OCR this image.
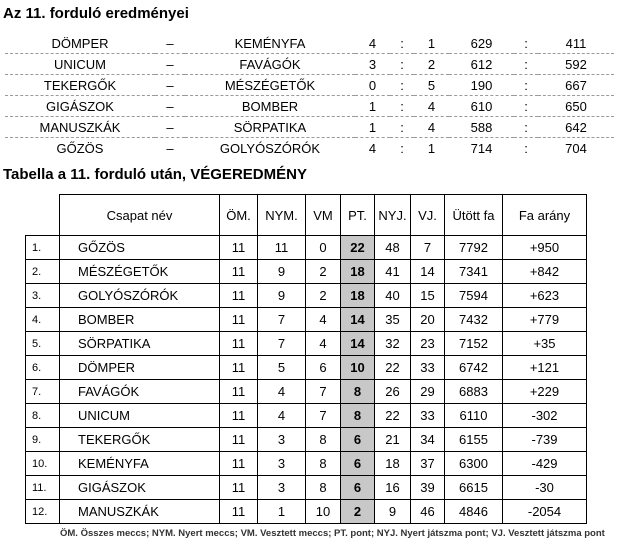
Az 11. forduló eredményei
DÖMPER	–	KEMÉNYFA	4	:	1	629	:	411
UNICUM	–	FAVÁGÓK	3	:	2	612	:	592
TEKERGŐK	–	MÉSZÉGETŐK	0	:	5	190	:	667
GIGÁSZOK	–	BOMBER	1	:	4	610	:	650
MANUSZKÁK	–	SÖRPATIKA	1	:	4	588	:	642
GŐZÖS	–	GOLYÓSZÓRÓK	4	:	1	714	:	704
Tabella a 11. forduló után, VÉGEREDMÉNY
	Csapat név	ÖM.	NYM.	VM	PT.	NYJ.	VJ.	Ütött fa	Fa arány
1.	GŐZÖS	11	11	0	22	48	7	7792	+950
2.	MÉSZÉGETŐK	11	9	2	18	41	14	7341	+842
3.	GOLYÓSZÓRÓK	11	9	2	18	40	15	7594	+623
4.	BOMBER	11	7	4	14	35	20	7432	+779
5.	SÖRPATIKA	11	7	4	14	32	23	7152	+35
6.	DÖMPER	11	5	6	10	22	33	6742	+121
7.	FAVÁGÓK	11	4	7	8	26	29	6883	+229
8.	UNICUM	11	4	7	8	22	33	6110	-302
9.	TEKERGŐK	11	3	8	6	21	34	6155	-739
10.	KEMÉNYFA	11	3	8	6	18	37	6300	-429
11.	GIGÁSZOK	11	3	8	6	16	39	6615	-30
12.	MANUSZKÁK	11	1	10	2	9	46	4846	-2054
ÖM. Összes meccs; NYM. Nyert meccs; VM. Vesztett meccs; PT. pont; NYJ. Nyert játszma pont; VJ. Vesztett játszma pont
